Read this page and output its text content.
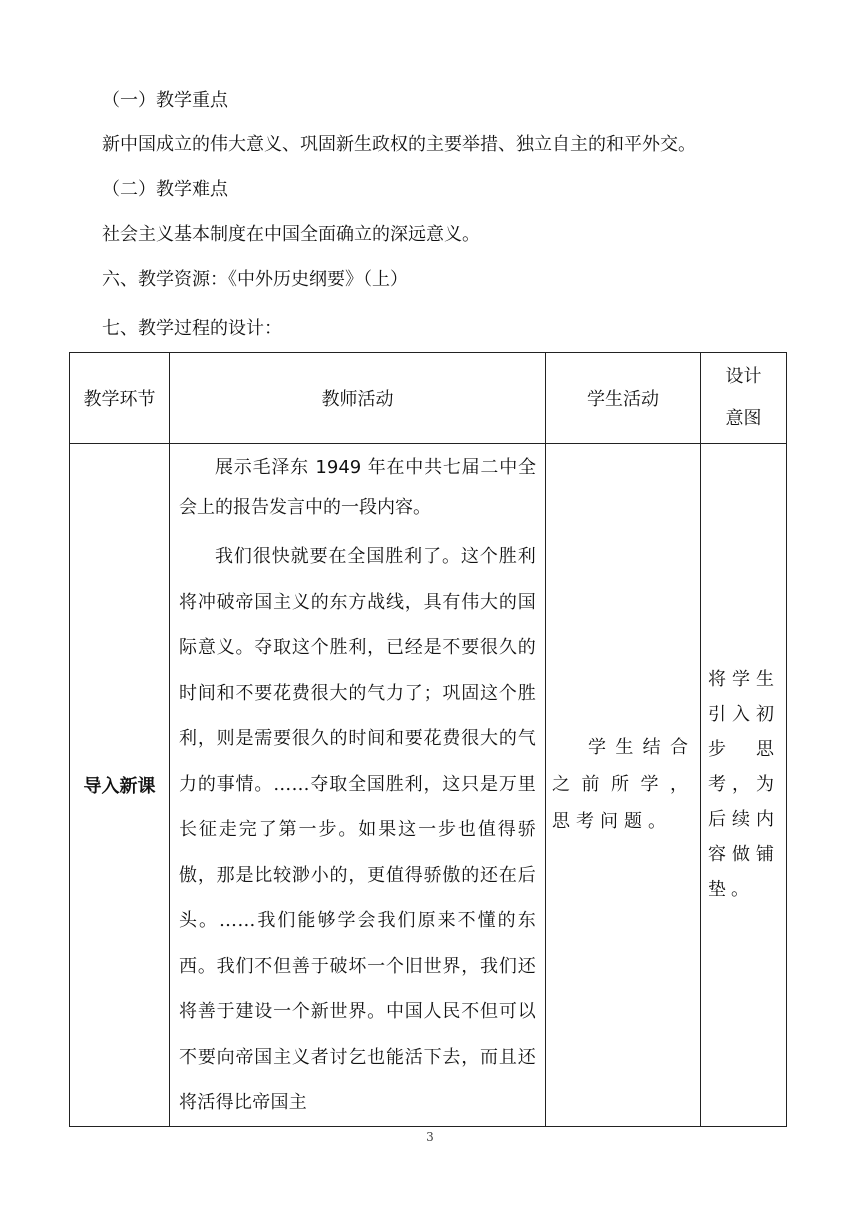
（一）教学重点
新中国成立的伟大意义、巩固新生政权的主要举措、独立自主的和平外交。
（二）教学难点
社会主义基本制度在中国全面确立的深远意义。
六、教学资源：《中外历史纲要》（上）
七、教学过程的设计：
教学环节	教师活动	学生活动	设计意图

导入新课	展示毛泽东 1949 年在中共七届二中全会上的报告发言中的一段内容。

我们很快就要在全国胜利了。这个胜利将冲破帝国主义的东方战线，具有伟大的国际意义。夺取这个胜利，已经是不要很久的时间和不要花费很大的气力了；巩固这个胜利，则是需要很久的时间和要花费很大的气力的事情。……夺取全国胜利，这只是万里长征走完了第一步。如果这一步也值得骄傲，那是比较渺小的，更值得骄傲的还在后头。……我们能够学会我们原来不懂的东西。我们不但善于破坏一个旧世界，我们还将善于建设一个新世界。中国人民不但可以不要向帝国主义者讨乞也能活下去，而且还将活得比帝国主	学生结合之前所学，思考问题。	将学生引入初步思考，为后续内容做铺垫。
3
